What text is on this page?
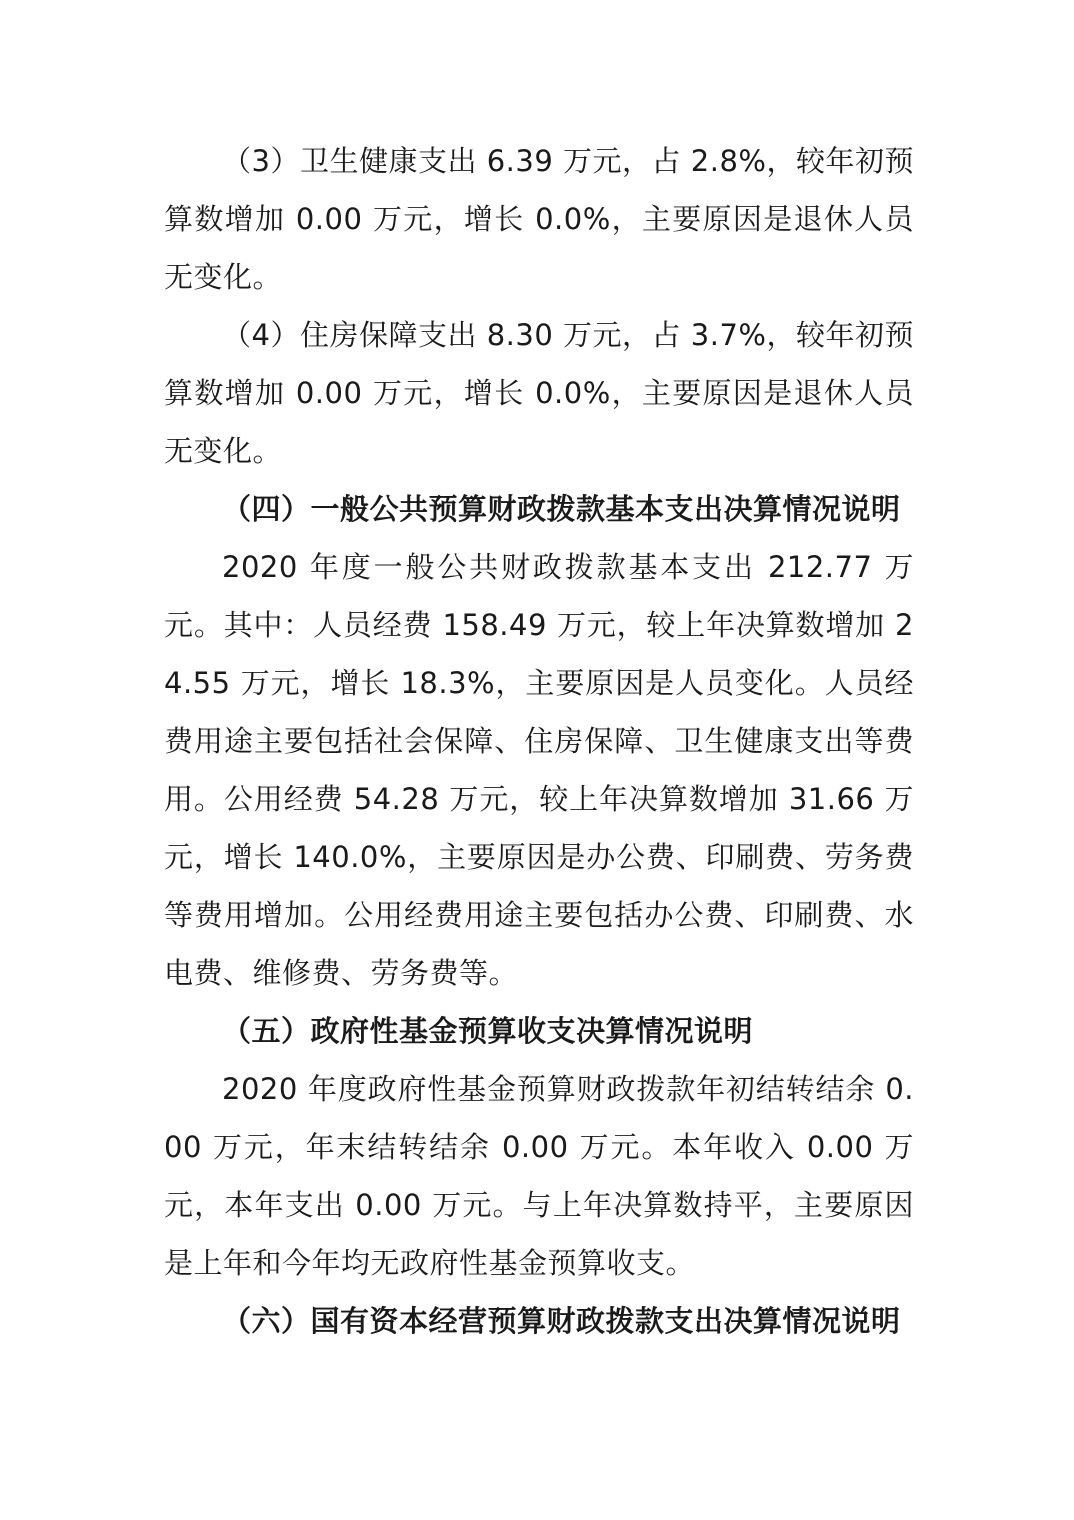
（3）卫生健康支出 6.39 万元，占 2.8%，较年初预算数增加 0.00 万元，增长 0.0%，主要原因是退休人员无变化。

（4）住房保障支出 8.30 万元，占 3.7%，较年初预算数增加 0.00 万元，增长 0.0%，主要原因是退休人员无变化。

（四）一般公共预算财政拨款基本支出决算情况说明

2020 年度一般公共财政拨款基本支出 212.77 万元。其中：人员经费 158.49 万元，较上年决算数增加 24.55 万元，增长 18.3%，主要原因是人员变化。人员经费用途主要包括社会保障、住房保障、卫生健康支出等费用。公用经费 54.28 万元，较上年决算数增加 31.66 万元，增长 140.0%，主要原因是办公费、印刷费、劳务费等费用增加。公用经费用途主要包括办公费、印刷费、水电费、维修费、劳务费等。

（五）政府性基金预算收支决算情况说明

2020 年度政府性基金预算财政拨款年初结转结余 0.00 万元，年末结转结余 0.00 万元。本年收入 0.00 万元，本年支出 0.00 万元。与上年决算数持平，主要原因是上年和今年均无政府性基金预算收支。

（六）国有资本经营预算财政拨款支出决算情况说明
